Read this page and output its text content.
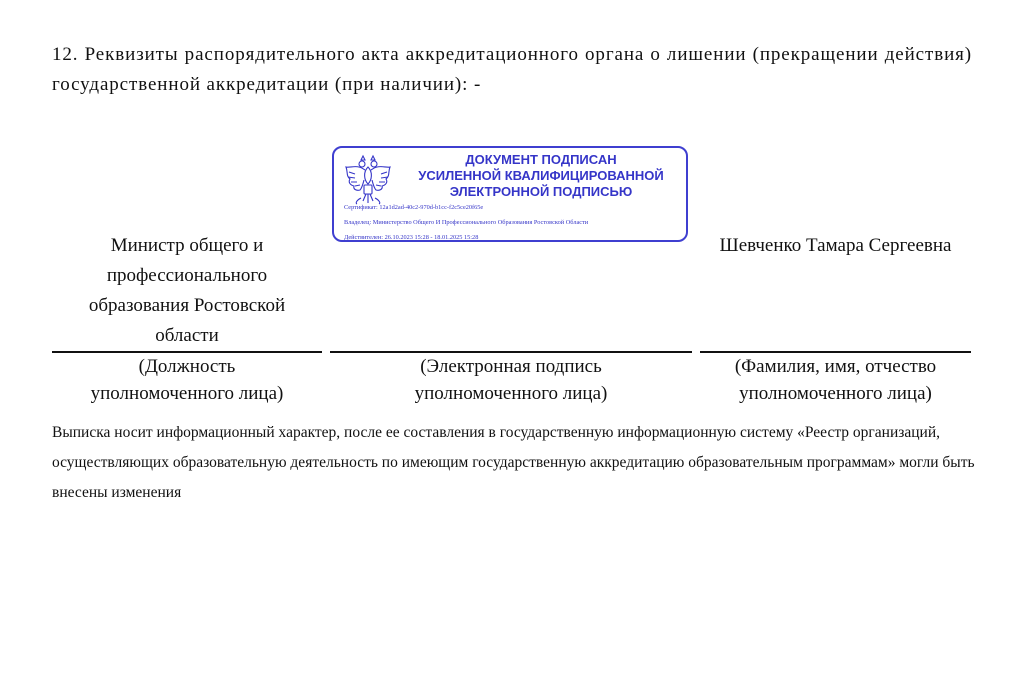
12. Реквизиты распорядительного акта аккредитационного органа о лишении (прекращении действия) государственной аккредитации (при наличии): -
Министр общего и
профессионального
образования Ростовской
области
ДОКУМЕНТ ПОДПИСАН
УСИЛЕННОЙ КВАЛИФИЦИРОВАННОЙ
ЭЛЕКТРОННОЙ ПОДПИСЬЮ
Сертификат: 12a1d2ad-40c2-970d-b1cc-f2c5ce20f65e
Владелец: Министерство Общего И Профессионального Образования Ростовской Области
Действителен: 26.10.2023 15:28 - 18.01.2025 15:28	Шевченко Тамара Сергеевна
(Должность
уполномоченного лица)
(Электронная подпись
уполномоченного лица)
(Фамилия, имя, отчество
уполномоченного лица)
Выписка носит информационный характер, после ее составления в государственную информационную систему «Реестр организаций, осуществляющих образовательную деятельность по имеющим государственную аккредитацию образовательным программам» могли быть внесены изменения
